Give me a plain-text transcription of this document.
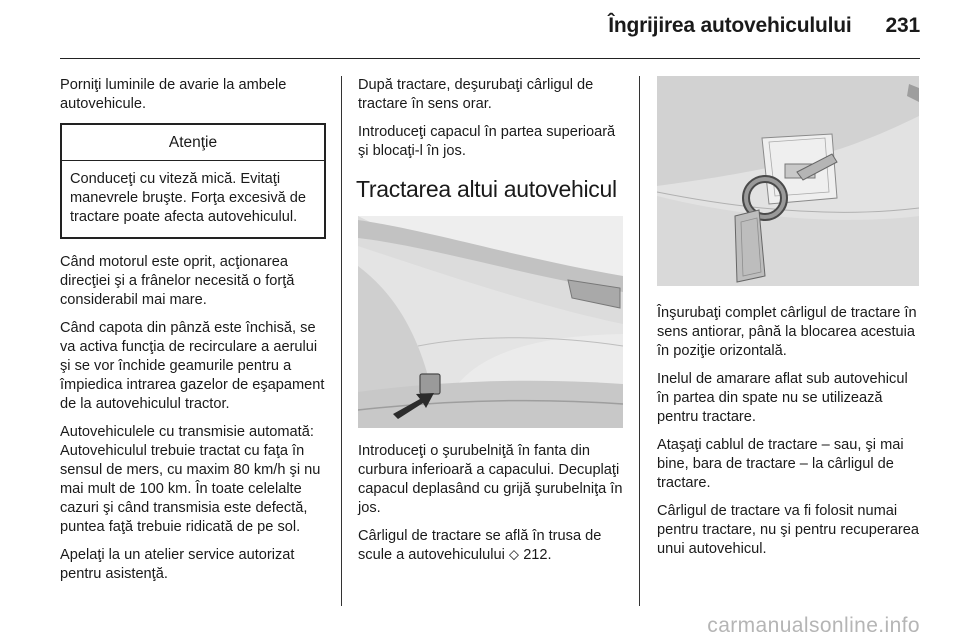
Îngrijirea autovehiculului 231

Porniţi luminile de avarie la ambele autovehicule.

Atenţie
Conduceţi cu viteză mică. Evitaţi manevrele bruşte. Forţa excesivă de tractare poate afecta autovehiculul.

Când motorul este oprit, acţionarea direcţiei şi a frânelor necesită o forţă considerabil mai mare.

Când capota din pânză este închisă, se va activa funcţia de recirculare a aerului şi se vor închide geamurile pentru a împiedica intrarea gazelor de eşapament de la autovehiculul tractor.

Autovehiculele cu transmisie automată: Autovehiculul trebuie tractat cu faţa în sensul de mers, cu maxim 80 km/h şi nu mai mult de 100 km. În toate celelalte cazuri şi când transmisia este defectă, puntea faţă trebuie ridicată de pe sol.

Apelaţi la un atelier service autorizat pentru asistenţă.

După tractare, deşurubaţi cârligul de tractare în sens orar.

Introduceţi capacul în partea superioară şi blocaţi-l în jos.

Tractarea altui autovehicul

Introduceţi o şurubelniţă în fanta din curbura inferioară a capacului. Decuplaţi capacul deplasând cu grijă şurubelniţa în jos.

Cârligul de tractare se află în trusa de scule a autovehiculului ⬦ 212.

Înşurubaţi complet cârligul de tractare în sens antiorar, până la blocarea acestuia în poziţie orizontală.

Inelul de amarare aflat sub autovehicul în partea din spate nu se utilizează pentru tractare.

Ataşaţi cablul de tractare – sau, şi mai bine, bara de tractare – la cârligul de tractare.

Cârligul de tractare va fi folosit numai pentru tractare, nu şi pentru recuperarea unui autovehicul.

carmanualsonline.info
